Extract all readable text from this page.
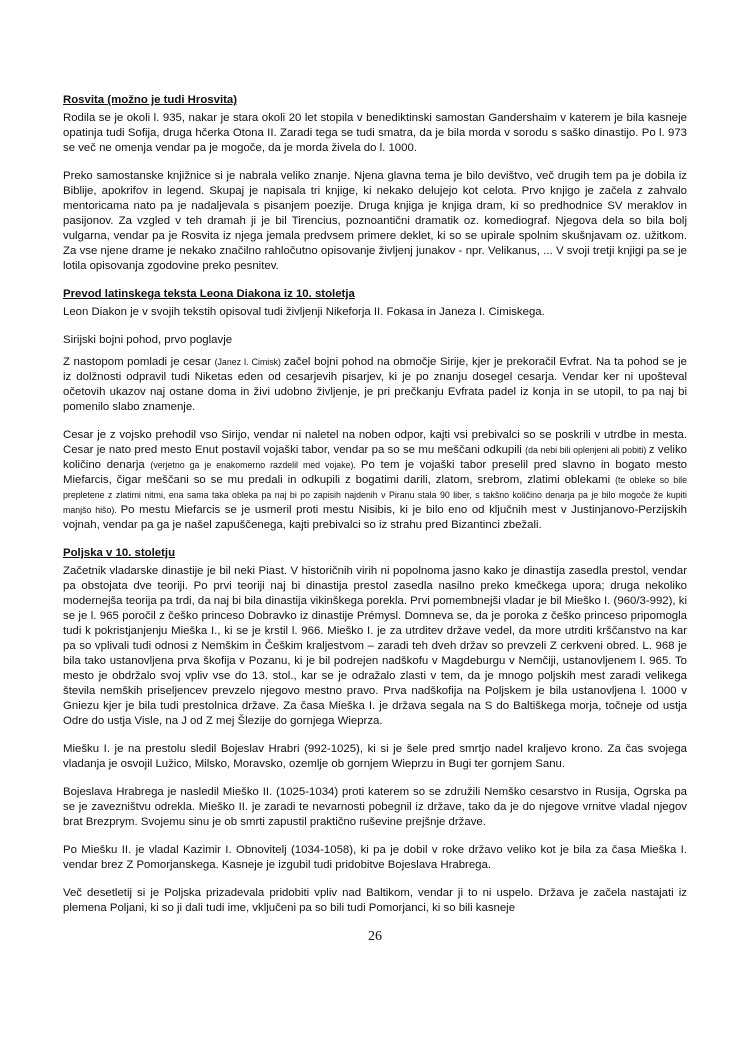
Rosvita (možno je tudi Hrosvita)

Rodila se je okoli l. 935, nakar je stara okoli 20 let stopila v benediktinski samostan Gandershaim v katerem je bila kasneje opatinja tudi Sofija, druga hčerka Otona II. Zaradi tega se tudi smatra, da je bila morda v sorodu s saško dinastijo. Po l. 973 se več ne omenja vendar pa je mogoče, da je morda živela do l. 1000.

Preko samostanske knjižnice si je nabrala veliko znanje. Njena glavna tema je bilo devištvo, več drugih tem pa je dobila iz Biblije, apokrifov in legend. Skupaj je napisala tri knjige, ki nekako delujejo kot celota. Prvo knjigo je začela z zahvalo mentoricama nato pa je nadaljevala s pisanjem poezije. Druga knjiga je knjiga dram, ki so predhodnice SV meraklov in pasijonov. Za vzgled v teh dramah ji je bil Tirencius, poznoantični dramatik oz. komediograf. Njegova dela so bila bolj vulgarna, vendar pa je Rosvita iz njega jemala predvsem primere deklet, ki so se upirale spolnim skušnjavam oz. užitkom. Za vse njene drame je nekako značilno rahločutno opisovanje življenj junakov - npr. Velikanus, ... V svoji tretji knjigi pa se je lotila opisovanja zgodovine preko pesnitev.

Prevod latinskega teksta Leona Diakona iz 10. stoletja

Leon Diakon je v svojih tekstih opisoval tudi življenji Nikeforja II. Fokasa in Janeza I. Cimiskega.

Sirijski bojni pohod, prvo poglavje

Z nastopom pomladi je cesar (Janez I. Cimisk) začel bojni pohod na območje Sirije, kjer je prekoračil Evfrat. Na ta pohod se je iz dolžnosti odpravil tudi Niketas eden od cesarjevih pisarjev, ki je po znanju dosegel cesarja. Vendar ker ni upošteval očetovih ukazov naj ostane doma in živi udobno življenje, je pri prečkanju Evfrata padel iz konja in se utopil, to pa naj bi pomenilo slabo znamenje.

Cesar je z vojsko prehodil vso Sirijo, vendar ni naletel na noben odpor, kajti vsi prebivalci so se poskrili v utrdbe in mesta. Cesar je nato pred mesto Enut postavil vojaški tabor, vendar pa so se mu meščani odkupili (da nebi bili oplenjeni ali pobiti) z veliko količino denarja (verjetno ga je enakomerno razdelil med vojake). Po tem je vojaški tabor preselil pred slavno in bogato mesto Miefarcis, čigar meščani so se mu predali in odkupili z bogatimi darili, zlatom, srebrom, zlatimi oblekami (te obleke so bile prepletene z zlatimi nitmi, ena sama taka obleka pa naj bi po zapisih najdenih v Piranu stala 90 liber, s takšno količino denarja pa je bilo mogoče že kupiti manjšo hišo). Po mestu Miefarcis se je usmeril proti mestu Nisibis, ki je bilo eno od ključnih mest v Justinjanovo-Perzijskih vojnah, vendar pa ga je našel zapuščenega, kajti prebivalci so iz strahu pred Bizantinci zbežali.

Poljska v 10. stoletju

Začetnik vladarske dinastije je bil neki Piast. V historičnih virih ni popolnoma jasno kako je dinastija zasedla prestol, vendar pa obstojata dve teoriji. Po prvi teoriji naj bi dinastija prestol zasedla nasilno preko kmečkega upora; druga nekoliko modernejša teorija pa trdi, da naj bi bila dinastija vikinškega porekla. Prvi pomembnejši vladar je bil Mieško I. (960/3-992), ki se je l. 965 poročil z češko princeso Dobravko iz dinastije Prémysl. Domneva se, da je poroka z češko princeso pripomogla tudi k pokristjanjenju Mieška I., ki se je krstil l. 966. Mieško I. je za utrditev države vedel, da more utrditi krščanstvo na kar pa so vplivali tudi odnosi z Nemškim in Češkim kraljestvom – zaradi teh dveh držav so prevzeli Z cerkveni obred. L. 968 je bila tako ustanovljena prva škofija v Pozanu, ki je bil podrejen nadškofu v Magdeburgu v Nemčiji, ustanovljenem l. 965. To mesto je obdržalo svoj vpliv vse do 13. stol., kar se je odražalo zlasti v tem, da je mnogo poljskih mest zaradi velikega števila nemških priseljencev prevzelo njegovo mestno pravo. Prva nadškofija na Poljskem je bila ustanovljena l. 1000 v Gniezu kjer je bila tudi prestolnica države. Za časa Mieška I. je država segala na S do Baltiškega morja, točneje od ustja Odre do ustja Visle, na J od Z mej Šlezije do gornjega Wieprza.

Miešku I. je na prestolu sledil Bojeslav Hrabri (992-1025), ki si je šele pred smrtjo nadel kraljevo krono. Za čas svojega vladanja je osvojil Lužico, Milsko, Moravsko, ozemlje ob gornjem Wieprzu in Bugi ter gornjem Sanu.

Bojeslava Hrabrega je nasledil Mieško II. (1025-1034) proti katerem so se združili Nemško cesarstvo in Rusija, Ogrska pa se je zavezništvu odrekla. Mieško II. je zaradi te nevarnosti pobegnil iz države, tako da je do njegove vrnitve vladal njegov brat Brezprym. Svojemu sinu je ob smrti zapustil praktično ruševine prejšnje države.

Po Miešku II. je vladal Kazimir I. Obnovitelj (1034-1058), ki pa je dobil v roke državo veliko kot je bila za časa Mieška I. vendar brez Z Pomorjanskega. Kasneje je izgubil tudi pridobitve Bojeslava Hrabrega.

Več desetletij si je Poljska prizadevala pridobiti vpliv nad Baltikom, vendar ji to ni uspelo. Država je začela nastajati iz plemena Poljani, ki so ji dali tudi ime, vključeni pa so bili tudi Pomorjanci, ki so bili kasneje

26
